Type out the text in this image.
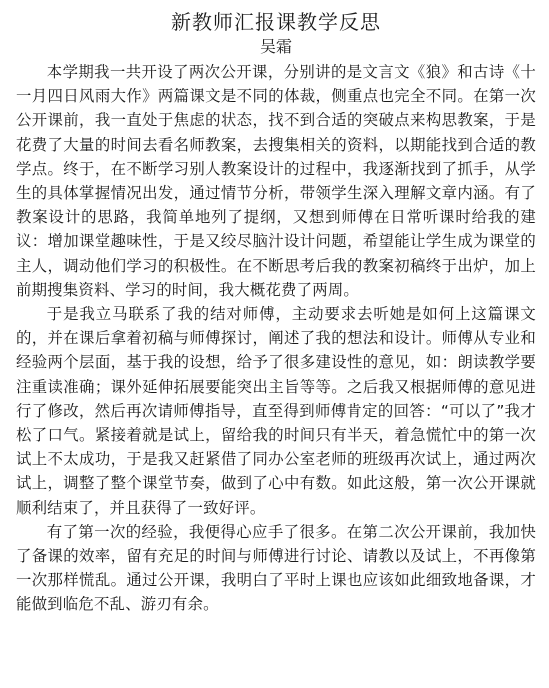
新教师汇报课教学反思
吴霜

本学期我一共开设了两次公开课，分别讲的是文言文《狼》和古诗《十一月四日风雨大作》两篇课文是不同的体裁，侧重点也完全不同。在第一次公开课前，我一直处于焦虑的状态，找不到合适的突破点来构思教案，于是花费了大量的时间去看名师教案，去搜集相关的资料，以期能找到合适的教学点。终于，在不断学习别人教案设计的过程中，我逐渐找到了抓手，从学生的具体掌握情况出发，通过情节分析，带领学生深入理解文章内涵。有了教案设计的思路，我简单地列了提纲，又想到师傅在日常听课时给我的建议：增加课堂趣味性，于是又绞尽脑汁设计问题，希望能让学生成为课堂的主人，调动他们学习的积极性。在不断思考后我的教案初稿终于出炉，加上前期搜集资料、学习的时间，我大概花费了两周。

于是我立马联系了我的结对师傅，主动要求去听她是如何上这篇课文的，并在课后拿着初稿与师傅探讨，阐述了我的想法和设计。师傅从专业和经验两个层面，基于我的设想，给予了很多建设性的意见，如：朗读教学要注重读准确；课外延伸拓展要能突出主旨等等。之后我又根据师傅的意见进行了修改，然后再次请师傅指导，直至得到师傅肯定的回答：“可以了”我才松了口气。紧接着就是试上，留给我的时间只有半天，着急慌忙中的第一次试上不太成功，于是我又赶紧借了同办公室老师的班级再次试上，通过两次试上，调整了整个课堂节奏，做到了心中有数。如此这般，第一次公开课就顺利结束了，并且获得了一致好评。

有了第一次的经验，我便得心应手了很多。在第二次公开课前，我加快了备课的效率，留有充足的时间与师傅进行讨论、请教以及试上，不再像第一次那样慌乱。通过公开课，我明白了平时上课也应该如此细致地备课，才能做到临危不乱、游刃有余。
